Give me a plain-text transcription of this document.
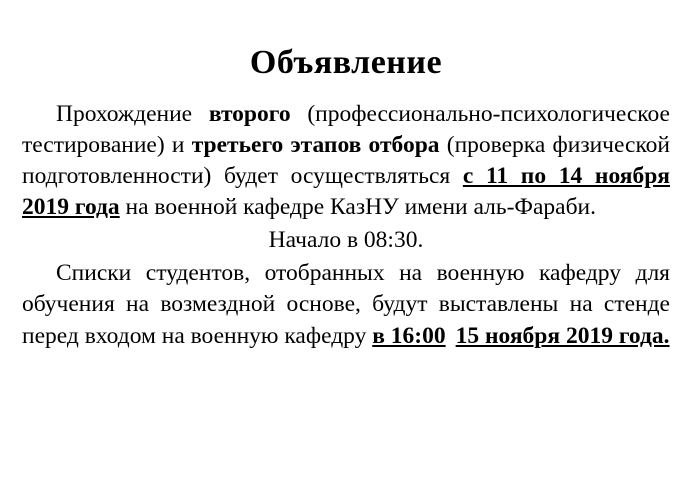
Объявление

Прохождение второго (профессионально-психологическое тестирование) и третьего этапов отбора (проверка физической подготовленности) будет осуществляться с 11 по 14 ноября 2019 года на военной кафедре КазНУ имени аль-Фараби.

Начало в 08:30.

Списки студентов, отобранных на военную кафедру для обучения на возмездной основе, будут выставлены на стенде перед входом на военную кафедру в 16:00 15 ноября 2019 года.
